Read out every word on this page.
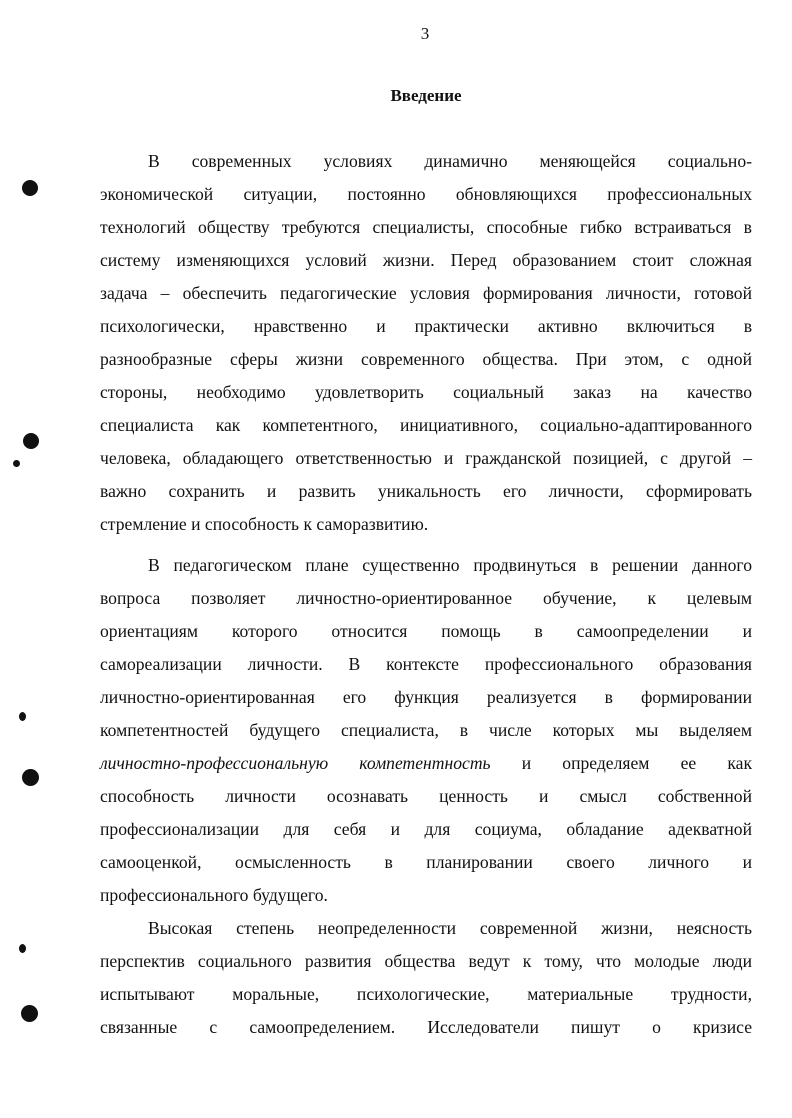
3
Введение
В современных условиях динамично меняющейся социально-
экономической ситуации, постоянно обновляющихся профессиональных
технологий обществу требуются специалисты, способные гибко встраиваться в
систему изменяющихся условий жизни. Перед образованием стоит сложная
задача – обеспечить педагогические условия формирования личности, готовой
психологически, нравственно и практически активно включиться в
разнообразные сферы жизни современного общества. При этом, с одной
стороны, необходимо удовлетворить социальный заказ на качество
специалиста как компетентного, инициативного, социально-адаптированного
человека, обладающего ответственностью и гражданской позицией, с другой –
важно сохранить и развить уникальность его личности, сформировать
стремление и способность к саморазвитию.
В педагогическом плане существенно продвинуться в решении данного
вопроса позволяет личностно-ориентированное обучение, к целевым
ориентациям которого относится помощь в самоопределении и
самореализации личности. В контексте профессионального образования
личностно-ориентированная его функция реализуется в формировании
компетентностей будущего специалиста, в числе которых мы выделяем
личностно-профессиональную компетентность и определяем ее как
способность личности осознавать ценность и смысл собственной
профессионализации для себя и для социума, обладание адекватной
самооценкой, осмысленность в планировании своего личного и
профессионального будущего.
Высокая степень неопределенности современной жизни, неясность
перспектив социального развития общества ведут к тому, что молодые люди
испытывают моральные, психологические, материальные трудности,
связанные с самоопределением. Исследователи пишут о кризисе
